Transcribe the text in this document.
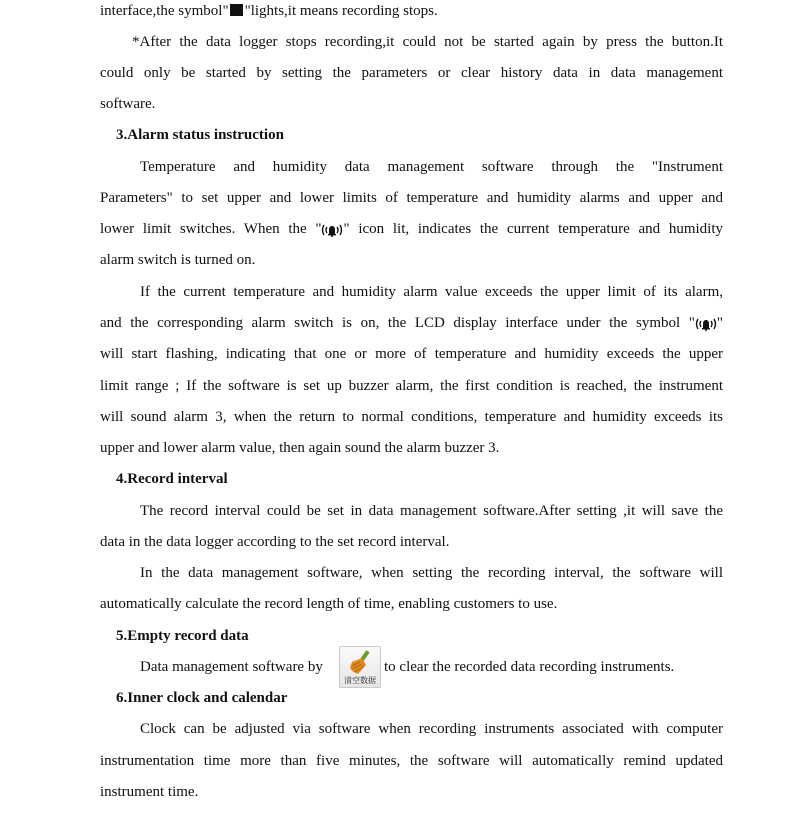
interface,the symbol" "lights,it means recording stops.
*After the data logger stops recording,it could not be started again by press the button.It
could only be started by setting the parameters or clear history data in data management
software.
3.Alarm status instruction
Temperature and humidity data management software through the "Instrument
Parameters" to set upper and lower limits of temperature and humidity alarms and upper and
lower limit switches. When the " " icon lit, indicates the current temperature and humidity
alarm switch is turned on.
If the current temperature and humidity alarm value exceeds the upper limit of its alarm,
and the corresponding alarm switch is on, the LCD display interface under the symbol " "
will start flashing, indicating that one or more of temperature and humidity exceeds the upper
limit range ; If the software is set up buzzer alarm, the first condition is reached, the instrument
will sound alarm 3, when the return to normal conditions, temperature and humidity exceeds its
upper and lower alarm value, then again sound the alarm buzzer 3.
4.Record interval
The record interval could be set in data management software.After setting ,it will save the
data in the data logger according to the set record interval.
In the data management software, when setting the recording interval, the software will
automatically calculate the record length of time, enabling customers to use.
5.Empty record data
Data management software by
清空数据
to clear the recorded data recording instruments.
6.Inner clock and calendar
Clock can be adjusted via software when recording instruments associated with computer
instrumentation time more than five minutes, the software will automatically remind updated
instrument time.
